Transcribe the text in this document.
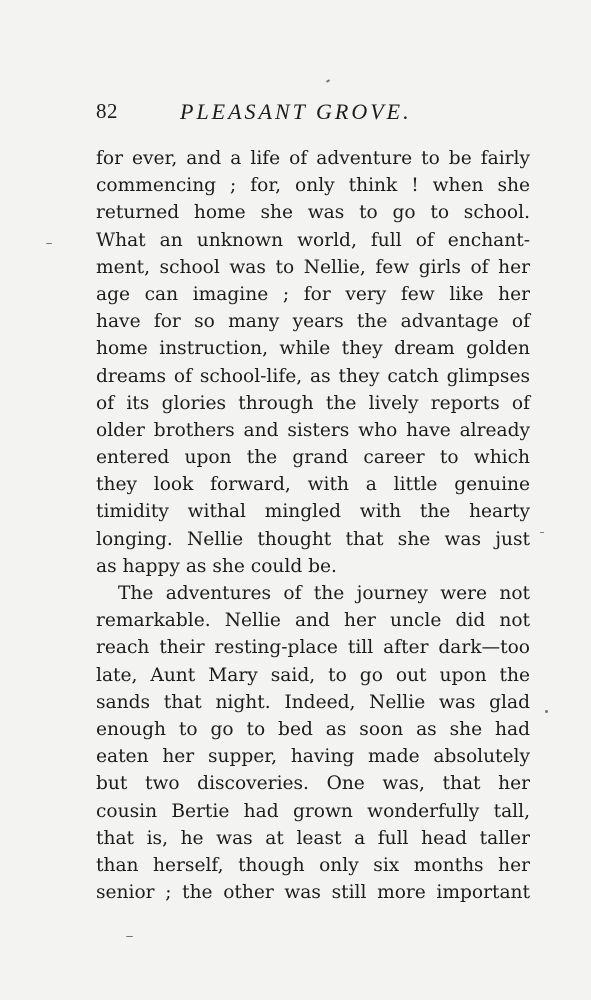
82	PLEASANT GROVE.
for ever, and a life of adventure to be fairly
commencing ; for, only think ! when she
returned home she was to go to school.
What an unknown world, full of enchant-
ment, school was to Nellie, few girls of her
age can imagine ; for very few like her
have for so many years the advantage of
home instruction, while they dream golden
dreams of school-life, as they catch glimpses
of its glories through the lively reports of
older brothers and sisters who have already
entered upon the grand career to which
they look forward, with a little genuine
timidity withal mingled with the hearty
longing. Nellie thought that she was just
as happy as she could be.
The adventures of the journey were not
remarkable. Nellie and her uncle did not
reach their resting-place till after dark—too
late, Aunt Mary said, to go out upon the
sands that night. Indeed, Nellie was glad
enough to go to bed as soon as she had
eaten her supper, having made absolutely
but two discoveries. One was, that her
cousin Bertie had grown wonderfully tall,
that is, he was at least a full head taller
than herself, though only six months her
senior ; the other was still more important
